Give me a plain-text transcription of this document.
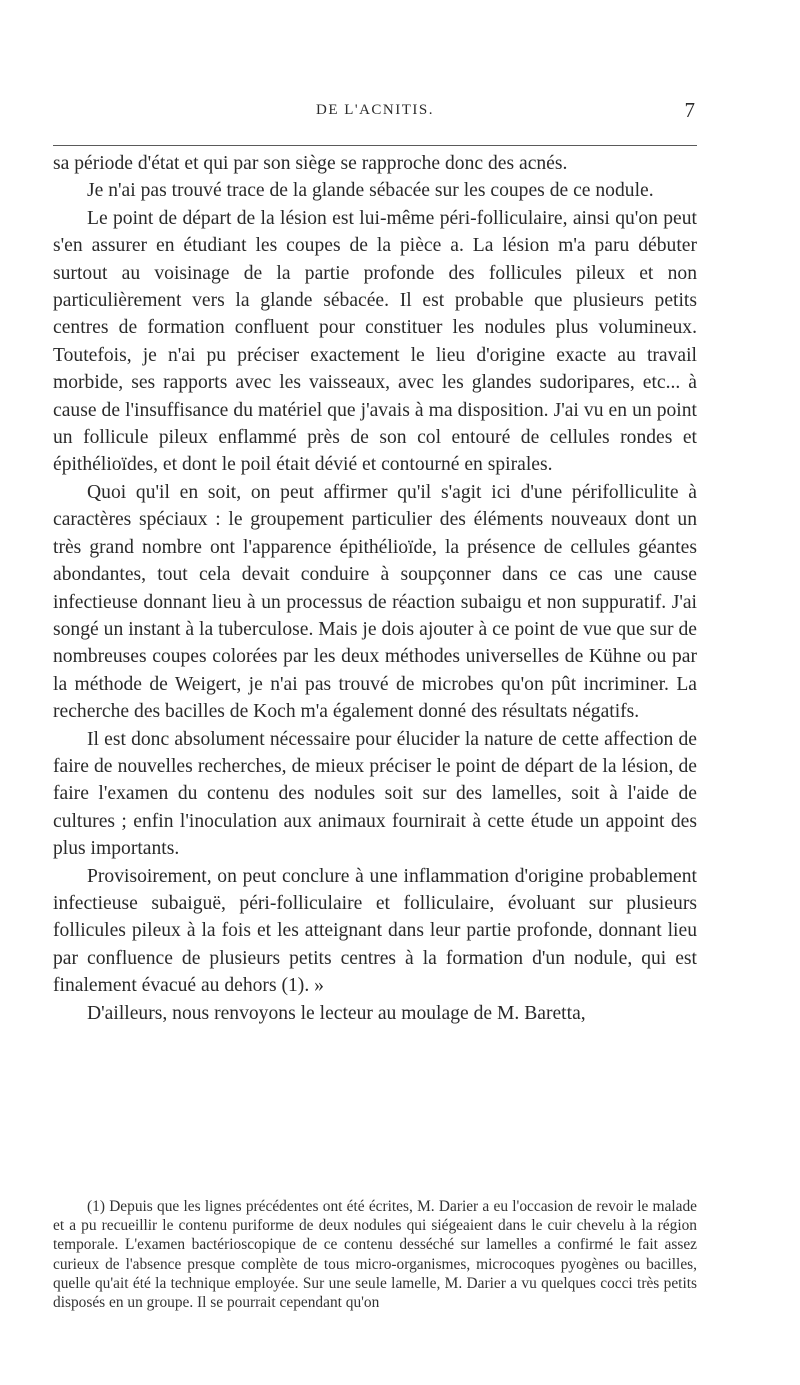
DE L'ACNITIS.	7

sa période d'état et qui par son siège se rapproche donc des acnés.

Je n'ai pas trouvé trace de la glande sébacée sur les coupes de ce nodule.

Le point de départ de la lésion est lui-même péri-folliculaire, ainsi qu'on peut s'en assurer en étudiant les coupes de la pièce a. La lésion m'a paru débuter surtout au voisinage de la partie profonde des follicules pileux et non particulièrement vers la glande sébacée. Il est probable que plusieurs petits centres de formation confluent pour constituer les nodules plus volumineux. Toutefois, je n'ai pu préciser exactement le lieu d'origine exacte au travail morbide, ses rapports avec les vaisseaux, avec les glandes sudoripares, etc... à cause de l'insuffisance du matériel que j'avais à ma disposition. J'ai vu en un point un follicule pileux enflammé près de son col entouré de cellules rondes et épithélioïdes, et dont le poil était dévié et contourné en spirales.

Quoi qu'il en soit, on peut affirmer qu'il s'agit ici d'une périfolliculite à caractères spéciaux : le groupement particulier des éléments nouveaux dont un très grand nombre ont l'apparence épithélioïde, la présence de cellules géantes abondantes, tout cela devait conduire à soupçonner dans ce cas une cause infectieuse donnant lieu à un processus de réaction subaigu et non suppuratif. J'ai songé un instant à la tuberculose. Mais je dois ajouter à ce point de vue que sur de nombreuses coupes colorées par les deux méthodes universelles de Kühne ou par la méthode de Weigert, je n'ai pas trouvé de microbes qu'on pût incriminer. La recherche des bacilles de Koch m'a également donné des résultats négatifs.

Il est donc absolument nécessaire pour élucider la nature de cette affection de faire de nouvelles recherches, de mieux préciser le point de départ de la lésion, de faire l'examen du contenu des nodules soit sur des lamelles, soit à l'aide de cultures ; enfin l'inoculation aux animaux fournirait à cette étude un appoint des plus importants.

Provisoirement, on peut conclure à une inflammation d'origine probablement infectieuse subaiguë, péri-folliculaire et folliculaire, évoluant sur plusieurs follicules pileux à la fois et les atteignant dans leur partie profonde, donnant lieu par confluence de plusieurs petits centres à la formation d'un nodule, qui est finalement évacué au dehors (1). »

D'ailleurs, nous renvoyons le lecteur au moulage de M. Baretta,

(1) Depuis que les lignes précédentes ont été écrites, M. Darier a eu l'occasion de revoir le malade et a pu recueillir le contenu puriforme de deux nodules qui siégeaient dans le cuir chevelu à la région temporale. L'examen bactérioscopique de ce contenu desséché sur lamelles a confirmé le fait assez curieux de l'absence presque complète de tous micro-organismes, microcoques pyogènes ou bacilles, quelle qu'ait été la technique employée. Sur une seule lamelle, M. Darier a vu quelques cocci très petits disposés en un groupe. Il se pourrait cependant qu'on
